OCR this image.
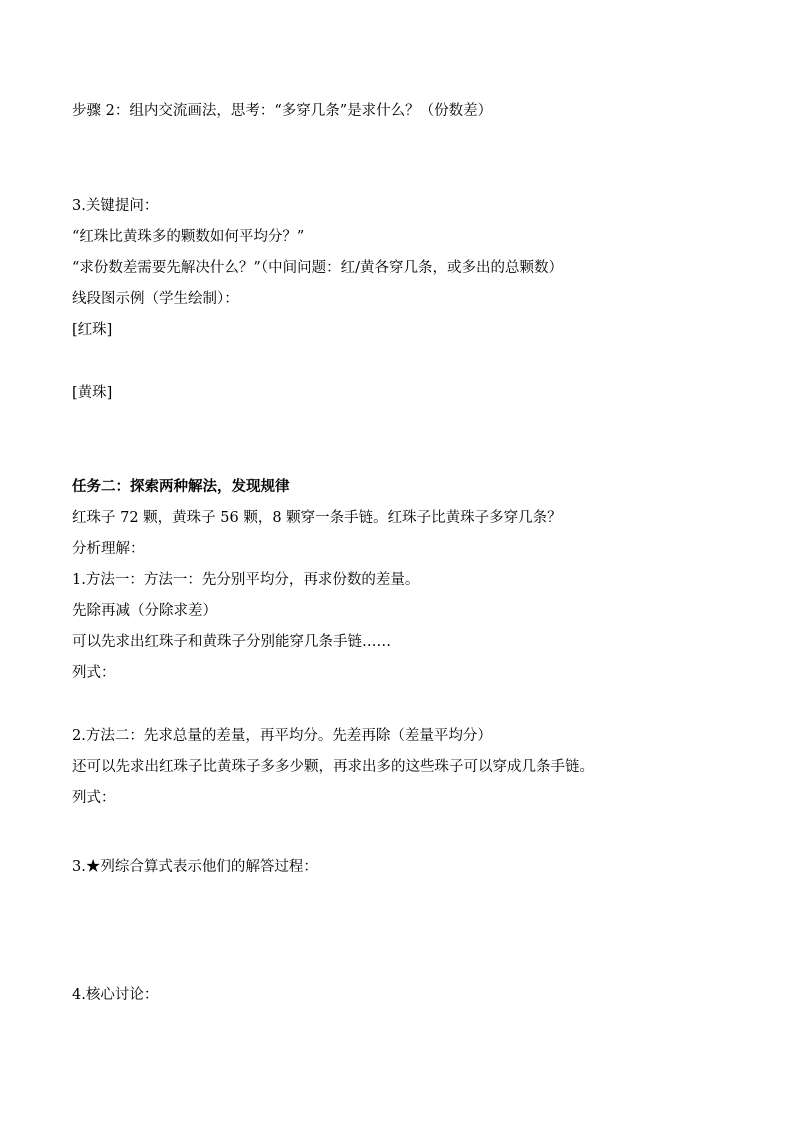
步骤 2：组内交流画法，思考：“多穿几条”是求什么？（份数差）
3.关键提问：
“红珠比黄珠多的颗数如何平均分？”
“求份数差需要先解决什么？”（中间问题：红/黄各穿几条，或多出的总颗数）
线段图示例（学生绘制）：
[红珠]
[黄珠]
任务二：探索两种解法，发现规律
红珠子 72 颗，黄珠子 56 颗，8 颗穿一条手链。红珠子比黄珠子多穿几条？
分析理解：
1.方法一：方法一：先分别平均分，再求份数的差量。
先除再减（分除求差）
可以先求出红珠子和黄珠子分别能穿几条手链……
列式：
2.方法二：先求总量的差量，再平均分。先差再除（差量平均分）
还可以先求出红珠子比黄珠子多多少颗，再求出多的这些珠子可以穿成几条手链。
列式：
3.★列综合算式表示他们的解答过程：
4.核心讨论：
